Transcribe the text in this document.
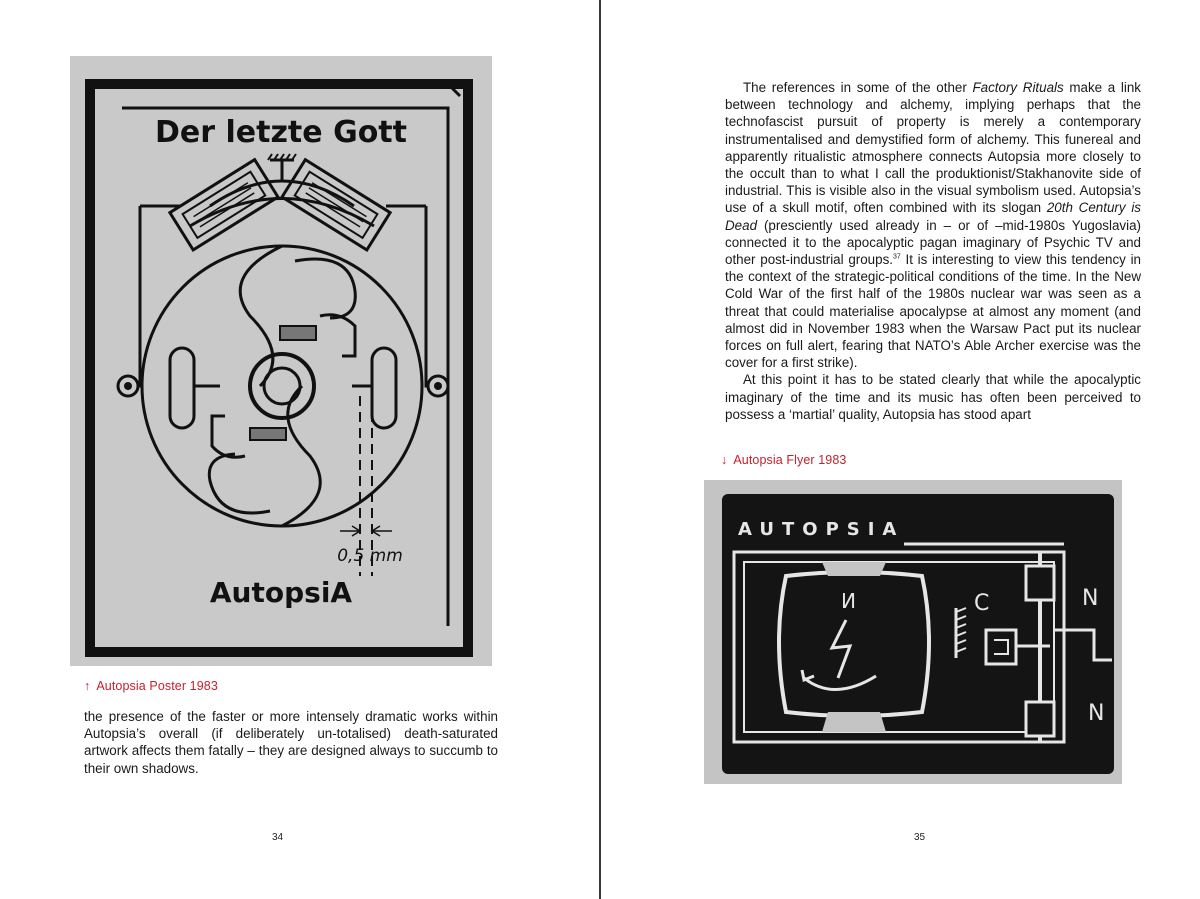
Der letzte Gott
0,5 mm
AutopsiA
↑ Autopsia Poster 1983

the presence of the faster or more intensely dramatic works within Autopsia’s overall (if deliberately un-totalised) death-saturated artwork affects them fatally – they are designed always to succumb to their own shadows.

34

The references in some of the other Factory Rituals make a link between technology and alchemy, implying perhaps that the technofascist pursuit of property is merely a contemporary instrumentalised and demystified form of alchemy. This funereal and apparently ritualistic atmosphere connects Autopsia more closely to the occult than to what I call the produktionist/Stakhanovite side of industrial. This is visible also in the visual symbolism used. Autopsia’s use of a skull motif, often combined with its slogan 20th Century is Dead (presciently used already in – or of –mid-1980s Yugoslavia) connected it to the apocalyptic pagan imaginary of Psychic TV and other post-industrial groups.$^{37}$ It is interesting to view this tendency in the context of the strategic-political conditions of the time. In the New Cold War of the first half of the 1980s nuclear war was seen as a threat that could materialise apocalypse at almost any moment (and almost did in November 1983 when the Warsaw Pact put its nuclear forces on full alert, fearing that NATO’s Able Archer exercise was the cover for a first strike).

At this point it has to be stated clearly that while the apocalyptic imaginary of the time and its music has often been perceived to possess a ‘martial’ quality, Autopsia has stood apart

↓ Autopsia Flyer 1983
AUTOPSIA
N	C	N
N
35
